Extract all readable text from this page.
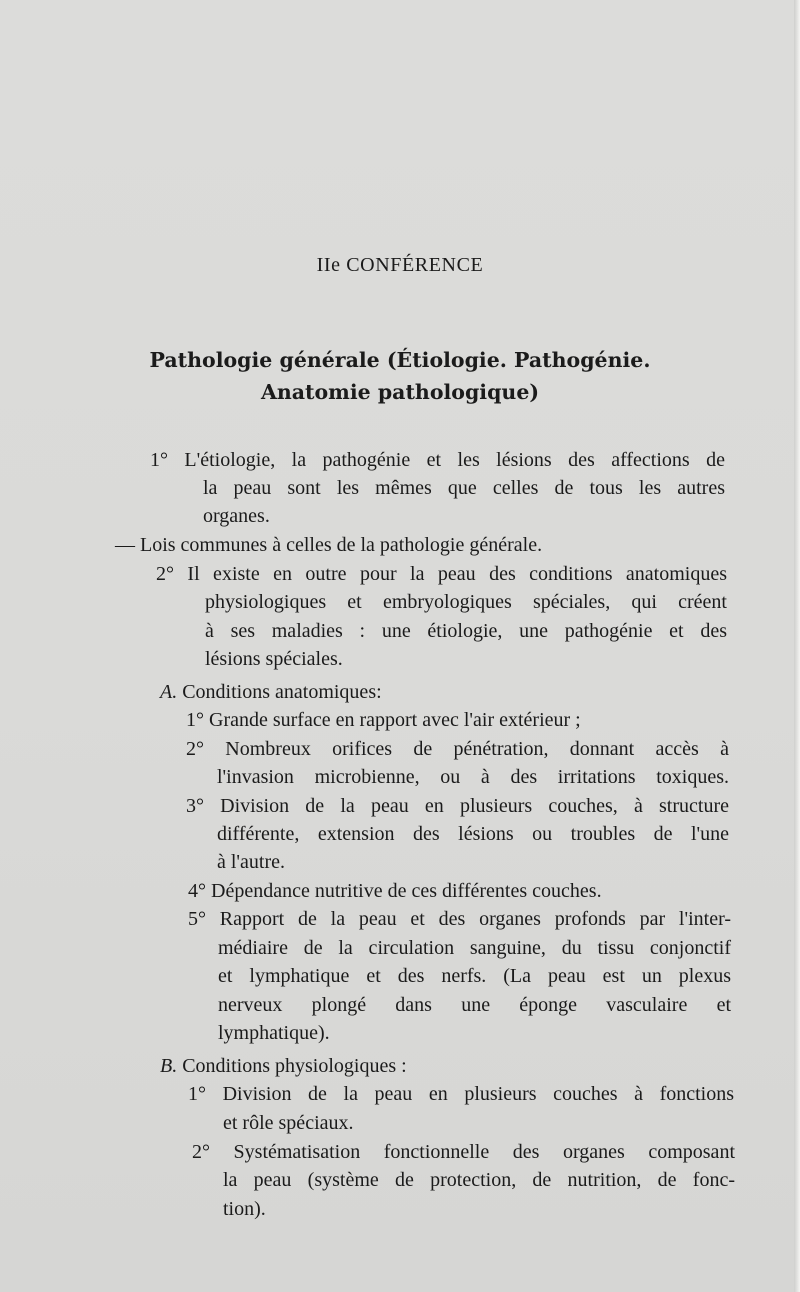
IIe CONFÉRENCE
Pathologie générale (Étiologie. Pathogénie.
Anatomie pathologique)
1° L'étiologie, la pathogénie et les lésions des affections de
la peau sont les mêmes que celles de tous les autres
organes.
— Lois communes à celles de la pathologie générale.
2° Il existe en outre pour la peau des conditions anatomiques
physiologiques et embryologiques spéciales, qui créent
à ses maladies : une étiologie, une pathogénie et des
lésions spéciales.
A. Conditions anatomiques:
1° Grande surface en rapport avec l'air extérieur ;
2° Nombreux orifices de pénétration, donnant accès à
l'invasion microbienne, ou à des irritations toxiques.
3° Division de la peau en plusieurs couches, à structure
différente, extension des lésions ou troubles de l'une
à l'autre.
4° Dépendance nutritive de ces différentes couches.
5° Rapport de la peau et des organes profonds par l'inter-
médiaire de la circulation sanguine, du tissu conjonctif
et lymphatique et des nerfs. (La peau est un plexus
nerveux plongé dans une éponge vasculaire et
lymphatique).
B. Conditions physiologiques :
1° Division de la peau en plusieurs couches à fonctions
et rôle spéciaux.
2° Systématisation fonctionnelle des organes composant
la peau (système de protection, de nutrition, de fonc-
tion).
